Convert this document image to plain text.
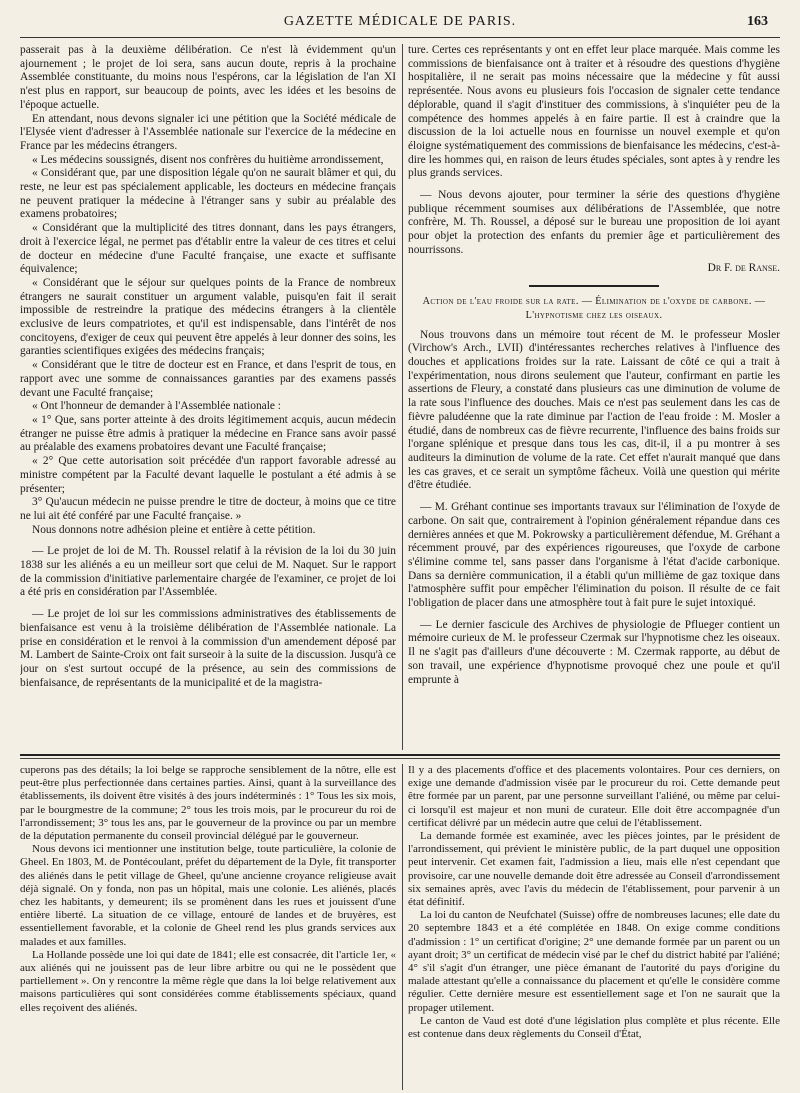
GAZETTE MÉDICALE DE PARIS.	163

passerait pas à la deuxième délibération. Ce n'est là évidemment qu'un ajournement ; le projet de loi sera, sans aucun doute, repris à la prochaine Assemblée constituante, du moins nous l'espérons, car la législation de l'an XI n'est plus en rapport, sur beaucoup de points, avec les idées et les besoins de l'époque actuelle.

En attendant, nous devons signaler ici une pétition que la Société médicale de l'Elysée vient d'adresser à l'Assemblée nationale sur l'exercice de la médecine en France par les médecins étrangers.

« Les médecins soussignés, disent nos confrères du huitième arrondissement,

« Considérant que, par une disposition légale qu'on ne saurait blâmer et qui, du reste, ne leur est pas spécialement applicable, les docteurs en médecine français ne peuvent pratiquer la médecine à l'étranger sans y subir au préalable des examens probatoires;

« Considérant que la multiplicité des titres donnant, dans les pays étrangers, droit à l'exercice légal, ne permet pas d'établir entre la valeur de ces titres et celui de docteur en médecine d'une Faculté française, une exacte et suffisante équivalence;

« Considérant que le séjour sur quelques points de la France de nombreux étrangers ne saurait constituer un argument valable, puisqu'en fait il serait impossible de restreindre la pratique des médecins étrangers à la clientèle exclusive de leurs compatriotes, et qu'il est indispensable, dans l'intérêt de nos concitoyens, d'exiger de ceux qui peuvent être appelés à leur donner des soins, les garanties scientifiques exigées des médecins français;

« Considérant que le titre de docteur est en France, et dans l'esprit de tous, en rapport avec une somme de connaissances garanties par des examens passés devant une Faculté française;

« Ont l'honneur de demander à l'Assemblée nationale :

« 1° Que, sans porter atteinte à des droits légitimement acquis, aucun médecin étranger ne puisse être admis à pratiquer la médecine en France sans avoir passé au préalable des examens probatoires devant une Faculté française;

« 2° Que cette autorisation soit précédée d'un rapport favorable adressé au ministre compétent par la Faculté devant laquelle le postulant a été admis à se présenter;

3° Qu'aucun médecin ne puisse prendre le titre de docteur, à moins que ce titre ne lui ait été conféré par une Faculté française. »

Nous donnons notre adhésion pleine et entière à cette pétition.

— Le projet de loi de M. Th. Roussel relatif à la révision de la loi du 30 juin 1838 sur les aliénés a eu un meilleur sort que celui de M. Naquet. Sur le rapport de la commission d'initiative parlementaire chargée de l'examiner, ce projet de loi a été pris en considération par l'Assemblée.

— Le projet de loi sur les commissions administratives des établissements de bienfaisance est venu à la troisième délibération de l'Assemblée nationale. La prise en considération et le renvoi à la commission d'un amendement déposé par M. Lambert de Sainte-Croix ont fait surseoir à la suite de la discussion. Jusqu'à ce jour on s'est surtout occupé de la présence, au sein des commissions de bienfaisance, de représentants de la municipalité et de la magistra-

ture. Certes ces représentants y ont en effet leur place marquée. Mais comme les commissions de bienfaisance ont à traiter et à résoudre des questions d'hygiène hospitalière, il ne serait pas moins nécessaire que la médecine y fût aussi représentée. Nous avons eu plusieurs fois l'occasion de signaler cette tendance déplorable, quand il s'agit d'instituer des commissions, à s'inquiéter peu de la compétence des hommes appelés à en faire partie. Il est à craindre que la discussion de la loi actuelle nous en fournisse un nouvel exemple et qu'on éloigne systématiquement des commissions de bienfaisance les médecins, c'est-à-dire les hommes qui, en raison de leurs études spéciales, sont aptes à y rendre les plus grands services.

— Nous devons ajouter, pour terminer la série des questions d'hygiène publique récemment soumises aux délibérations de l'Assemblée, que notre confrère, M. Th. Roussel, a déposé sur le bureau une proposition de loi ayant pour objet la protection des enfants du premier âge et particulièrement des nourrissons.

Dr F. de Ranse.

Action de l'eau froide sur la rate. — Élimination de l'oxyde de carbone. — L'hypnotisme chez les oiseaux.

Nous trouvons dans un mémoire tout récent de M. le professeur Mosler (Virchow's Arch., LVII) d'intéressantes recherches relatives à l'influence des douches et applications froides sur la rate. Laissant de côté ce qui a trait à l'expérimentation, nous dirons seulement que l'auteur, confirmant en partie les assertions de Fleury, a constaté dans plusieurs cas une diminution de volume de la rate sous l'influence des douches. Mais ce n'est pas seulement dans les cas de fièvre paludéenne que la rate diminue par l'action de l'eau froide : M. Mosler a étudié, dans de nombreux cas de fièvre recurrente, l'influence des bains froids sur l'organe splénique et presque dans tous les cas, dit-il, il a pu montrer à ses auditeurs la diminution de volume de la rate. Cet effet n'aurait manqué que dans les cas graves, et ce serait un symptôme fâcheux. Voilà une question qui mérite d'être étudiée.

— M. Gréhant continue ses importants travaux sur l'élimination de l'oxyde de carbone. On sait que, contrairement à l'opinion généralement répandue dans ces dernières années et que M. Pokrowsky a particulièrement défendue, M. Gréhant a récemment prouvé, par des expériences rigoureuses, que l'oxyde de carbone s'élimine comme tel, sans passer dans l'organisme à l'état d'acide carbonique. Dans sa dernière communication, il a établi qu'un millième de gaz toxique dans l'atmosphère suffit pour empêcher l'élimination du poison. Il résulte de ce fait l'obligation de placer dans une atmosphère tout à fait pure le sujet intoxiqué.

— Le dernier fascicule des Archives de physiologie de Pflueger contient un mémoire curieux de M. le professeur Czermak sur l'hypnotisme chez les oiseaux. Il ne s'agit pas d'ailleurs d'une découverte : M. Czermak rapporte, au début de son travail, une expérience d'hypnotisme provoqué chez une poule et qu'il emprunte à

cuperons pas des détails; la loi belge se rapproche sensiblement de la nôtre, elle est peut-être plus perfectionnée dans certaines parties. Ainsi, quant à la surveillance des établissements, ils doivent être visités à des jours indéterminés : 1° Tous les six mois, par le bourgmestre de la commune; 2° tous les trois mois, par le procureur du roi de l'arrondissement; 3° tous les ans, par le gouverneur de la province ou par un membre de la députation permanente du conseil provincial délégué par le gouverneur.

Nous devons ici mentionner une institution belge, toute particulière, la colonie de Gheel. En 1803, M. de Pontécoulant, préfet du département de la Dyle, fit transporter des aliénés dans le petit village de Gheel, qu'une ancienne croyance religieuse avait déjà signalé. On y fonda, non pas un hôpital, mais une colonie. Les aliénés, placés chez les habitants, y demeurent; ils se promènent dans les rues et jouissent d'une entière liberté. La situation de ce village, entouré de landes et de bruyères, est essentiellement favorable, et la colonie de Gheel rend les plus grands services aux malades et aux familles.

La Hollande possède une loi qui date de 1841; elle est consacrée, dit l'article 1er, « aux aliénés qui ne jouissent pas de leur libre arbitre ou qui ne le possèdent que partiellement ». On y rencontre la même règle que dans la loi belge relativement aux maisons particulières qui sont considérées comme établissements spéciaux, quand elles reçoivent des aliénés.

Il y a des placements d'office et des placements volontaires. Pour ces derniers, on exige une demande d'admission visée par le procureur du roi. Cette demande peut être formée par un parent, par une personne surveillant l'aliéné, ou même par celui-ci lorsqu'il est majeur et non muni de curateur. Elle doit être accompagnée d'un certificat délivré par un médecin autre que celui de l'établissement.

La demande formée est examinée, avec les pièces jointes, par le président de l'arrondissement, qui prévient le ministère public, de la part duquel une opposition peut intervenir. Cet examen fait, l'admission a lieu, mais elle n'est cependant que provisoire, car une nouvelle demande doit être adressée au Conseil d'arrondissement six semaines après, avec l'avis du médecin de l'établissement, pour parvenir à un état définitif.

La loi du canton de Neufchatel (Suisse) offre de nombreuses lacunes; elle date du 20 septembre 1843 et a été complétée en 1848. On exige comme conditions d'admission : 1° un certificat d'origine; 2° une demande formée par un parent ou un ayant droit; 3° un certificat de médecin visé par le chef du district habité par l'aliéné; 4° s'il s'agit d'un étranger, une pièce émanant de l'autorité du pays d'origine du malade attestant qu'elle a connaissance du placement et qu'elle le considère comme régulier. Cette dernière mesure est essentiellement sage et l'on ne saurait que la propager utilement.

Le canton de Vaud est doté d'une législation plus complète et plus récente. Elle est contenue dans deux règlements du Conseil d'État,
